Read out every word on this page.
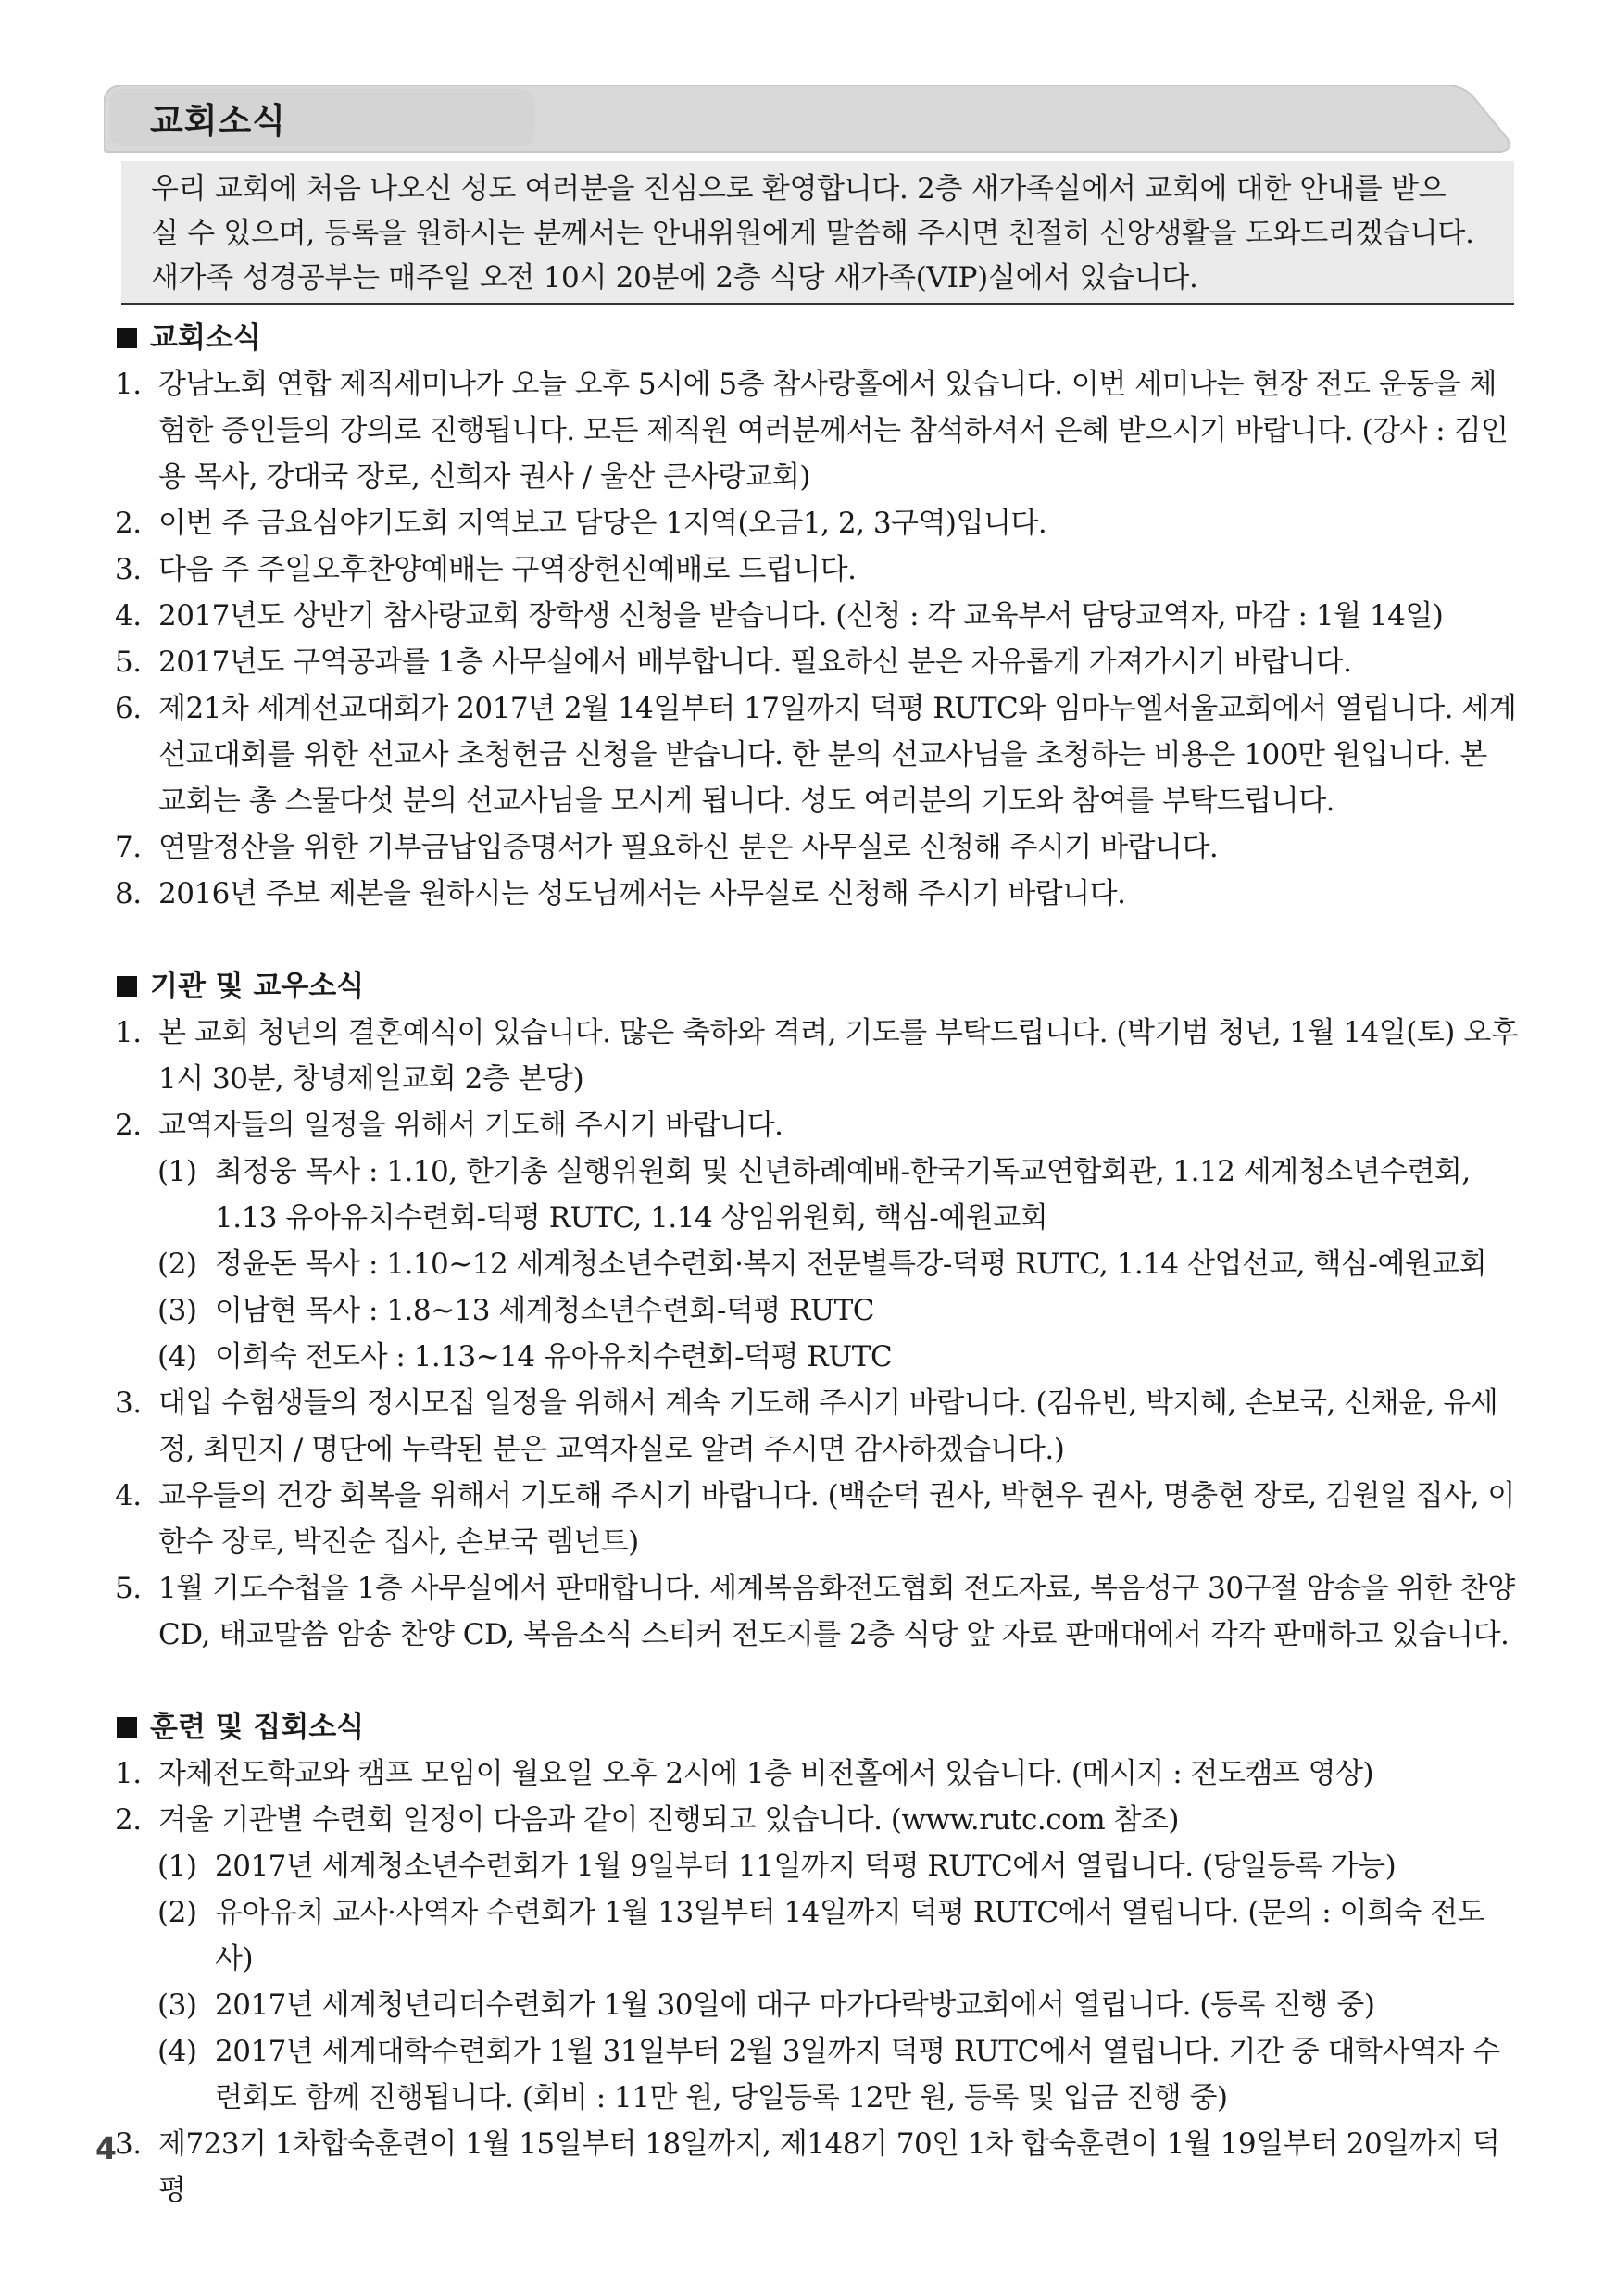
교회소식

우리 교회에 처음 나오신 성도 여러분을 진심으로 환영합니다. 2층 새가족실에서 교회에 대한 안내를 받으

실 수 있으며, 등록을 원하시는 분께서는 안내위원에게 말씀해 주시면 친절히 신앙생활을 도와드리겠습니다.

새가족 성경공부는 매주일 오전 10시 20분에 2층 식당 새가족(VIP)실에서 있습니다.

교회소식

1. 강남노회 연합 제직세미나가 오늘 오후 5시에 5층 참사랑홀에서 있습니다. 이번 세미나는 현장 전도 운동을 체험한 증인들의 강의로 진행됩니다. 모든 제직원 여러분께서는 참석하셔서 은혜 받으시기 바랍니다. (강사 : 김인용 목사, 강대국 장로, 신희자 권사 / 울산 큰사랑교회)

2. 이번 주 금요심야기도회 지역보고 담당은 1지역(오금1, 2, 3구역)입니다.

3. 다음 주 주일오후찬양예배는 구역장헌신예배로 드립니다.

4. 2017년도 상반기 참사랑교회 장학생 신청을 받습니다. (신청 : 각 교육부서 담당교역자, 마감 : 1월 14일)

5. 2017년도 구역공과를 1층 사무실에서 배부합니다. 필요하신 분은 자유롭게 가져가시기 바랍니다.

6. 제21차 세계선교대회가 2017년 2월 14일부터 17일까지 덕평 RUTC와 임마누엘서울교회에서 열립니다. 세계선교대회를 위한 선교사 초청헌금 신청을 받습니다. 한 분의 선교사님을 초청하는 비용은 100만 원입니다. 본 교회는 총 스물다섯 분의 선교사님을 모시게 됩니다. 성도 여러분의 기도와 참여를 부탁드립니다.

7. 연말정산을 위한 기부금납입증명서가 필요하신 분은 사무실로 신청해 주시기 바랍니다.

8. 2016년 주보 제본을 원하시는 성도님께서는 사무실로 신청해 주시기 바랍니다.

기관 및 교우소식

1. 본 교회 청년의 결혼예식이 있습니다. 많은 축하와 격려, 기도를 부탁드립니다. (박기범 청년, 1월 14일(토) 오후 1시 30분, 창녕제일교회 2층 본당)

2. 교역자들의 일정을 위해서 기도해 주시기 바랍니다.

(1) 최정웅 목사 : 1.10, 한기총 실행위원회 및 신년하례예배-한국기독교연합회관, 1.12 세계청소년수련회, 1.13 유아유치수련회-덕평 RUTC, 1.14 상임위원회, 핵심-예원교회

(2) 정윤돈 목사 : 1.10~12 세계청소년수련회·복지 전문별특강-덕평 RUTC, 1.14 산업선교, 핵심-예원교회

(3) 이남현 목사 : 1.8~13 세계청소년수련회-덕평 RUTC

(4) 이희숙 전도사 : 1.13~14 유아유치수련회-덕평 RUTC

3. 대입 수험생들의 정시모집 일정을 위해서 계속 기도해 주시기 바랍니다. (김유빈, 박지혜, 손보국, 신채윤, 유세정, 최민지 / 명단에 누락된 분은 교역자실로 알려 주시면 감사하겠습니다.)

4. 교우들의 건강 회복을 위해서 기도해 주시기 바랍니다. (백순덕 권사, 박현우 권사, 명충현 장로, 김원일 집사, 이한수 장로, 박진순 집사, 손보국 렘넌트)

5. 1월 기도수첩을 1층 사무실에서 판매합니다. 세계복음화전도협회 전도자료, 복음성구 30구절 암송을 위한 찬양 CD, 태교말씀 암송 찬양 CD, 복음소식 스티커 전도지를 2층 식당 앞 자료 판매대에서 각각 판매하고 있습니다.

훈련 및 집회소식

1. 자체전도학교와 캠프 모임이 월요일 오후 2시에 1층 비전홀에서 있습니다. (메시지 : 전도캠프 영상)

2. 겨울 기관별 수련회 일정이 다음과 같이 진행되고 있습니다. (www.rutc.com 참조)

(1) 2017년 세계청소년수련회가 1월 9일부터 11일까지 덕평 RUTC에서 열립니다. (당일등록 가능)

(2) 유아유치 교사·사역자 수련회가 1월 13일부터 14일까지 덕평 RUTC에서 열립니다. (문의 : 이희숙 전도사)

(3) 2017년 세계청년리더수련회가 1월 30일에 대구 마가다락방교회에서 열립니다. (등록 진행 중)

(4) 2017년 세계대학수련회가 1월 31일부터 2월 3일까지 덕평 RUTC에서 열립니다. 기간 중 대학사역자 수련회도 함께 진행됩니다. (회비 : 11만 원, 당일등록 12만 원, 등록 및 입금 진행 중)

3. 제723기 1차합숙훈련이 1월 15일부터 18일까지, 제148기 70인 1차 합숙훈련이 1월 19일부터 20일까지 덕평

4
